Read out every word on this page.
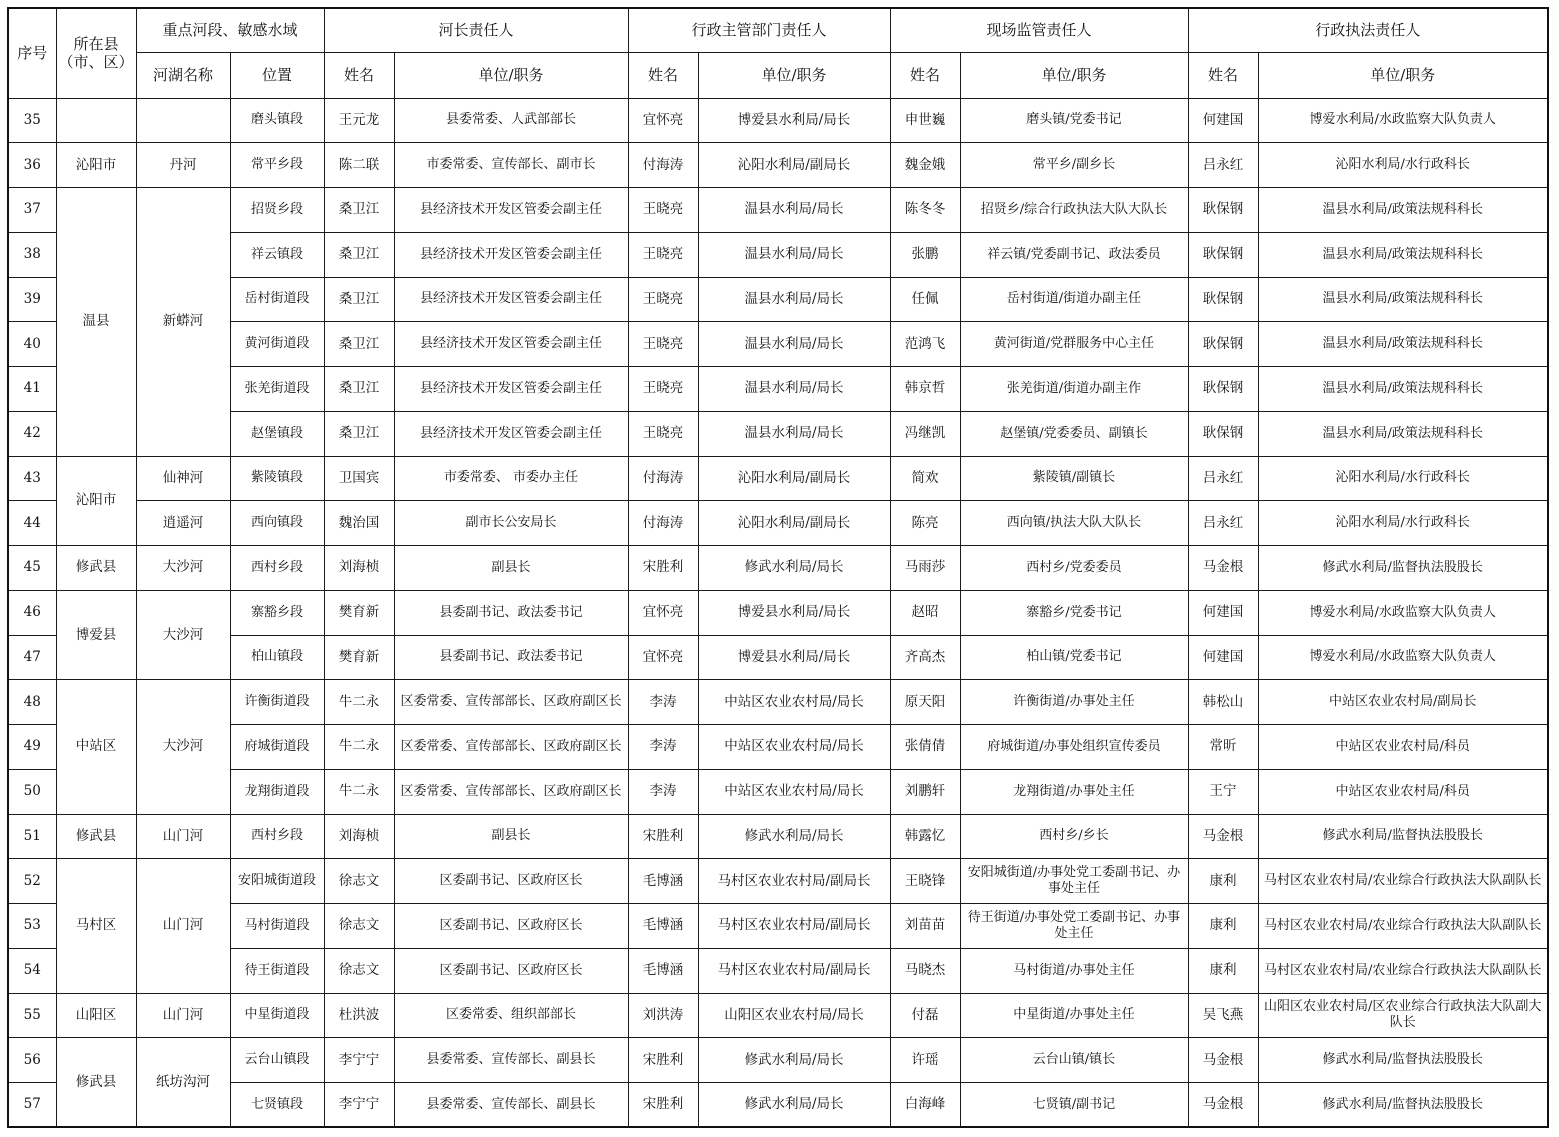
序号	所在县（市、区）	重点河段、敏感水域		河长责任人		行政主管部门责任人		现场监管责任人		行政执法责任人	
		河湖名称	位置	姓名	单位/职务	姓名	单位/职务	姓名	单位/职务	姓名	单位/职务
35			磨头镇段	王元龙	县委常委、人武部部长	宜怀亮	博爱县水利局/局长	申世巍	磨头镇/党委书记	何建国	博爱水利局/水政监察大队负责人
36	沁阳市	丹河	常平乡段	陈二联	市委常委、宣传部长、副市长	付海涛	沁阳水利局/副局长	魏金娥	常平乡/副乡长	吕永红	沁阳水利局/水行政科长
37	温县	新蟒河	招贤乡段	桑卫江	县经济技术开发区管委会副主任	王晓亮	温县水利局/局长	陈冬冬	招贤乡/综合行政执法大队大队长	耿保钢	温县水利局/政策法规科科长
38			祥云镇段	桑卫江	县经济技术开发区管委会副主任	王晓亮	温县水利局/局长	张鹏	祥云镇/党委副书记、政法委员	耿保钢	温县水利局/政策法规科科长
39			岳村街道段	桑卫江	县经济技术开发区管委会副主任	王晓亮	温县水利局/局长	任佩	岳村街道/街道办副主任	耿保钢	温县水利局/政策法规科科长
40			黄河街道段	桑卫江	县经济技术开发区管委会副主任	王晓亮	温县水利局/局长	范鸿飞	黄河街道/党群服务中心主任	耿保钢	温县水利局/政策法规科科长
41			张羌街道段	桑卫江	县经济技术开发区管委会副主任	王晓亮	温县水利局/局长	韩京哲	张羌街道/街道办副主作	耿保钢	温县水利局/政策法规科科长
42			赵堡镇段	桑卫江	县经济技术开发区管委会副主任	王晓亮	温县水利局/局长	冯继凯	赵堡镇/党委委员、副镇长	耿保钢	温县水利局/政策法规科科长
43	沁阳市	仙神河	紫陵镇段	卫国宾	市委常委、 市委办主任	付海涛	沁阳水利局/副局长	简欢	紫陵镇/副镇长	吕永红	沁阳水利局/水行政科长
44		逍遥河	西向镇段	魏治国	副市长公安局长	付海涛	沁阳水利局/副局长	陈亮	西向镇/执法大队大队长	吕永红	沁阳水利局/水行政科长
45	修武县	大沙河	西村乡段	刘海桢	副县长	宋胜利	修武水利局/局长	马雨莎	西村乡/党委委员	马金根	修武水利局/监督执法股股长
46	博爱县	大沙河	寨豁乡段	樊育新	县委副书记、政法委书记	宜怀亮	博爱县水利局/局长	赵昭	寨豁乡/党委书记	何建国	博爱水利局/水政监察大队负责人
47			柏山镇段	樊育新	县委副书记、政法委书记	宜怀亮	博爱县水利局/局长	齐高杰	柏山镇/党委书记	何建国	博爱水利局/水政监察大队负责人
48	中站区	大沙河	许衡街道段	牛二永	区委常委、宣传部部长、区政府副区长	李涛	中站区农业农村局/局长	原天阳	许衡街道/办事处主任	韩松山	中站区农业农村局/副局长
49			府城街道段	牛二永	区委常委、宣传部部长、区政府副区长	李涛	中站区农业农村局/局长	张倩倩	府城街道/办事处组织宣传委员	常昕	中站区农业农村局/科员
50			龙翔街道段	牛二永	区委常委、宣传部部长、区政府副区长	李涛	中站区农业农村局/局长	刘鹏轩	龙翔街道/办事处主任	王宁	中站区农业农村局/科员
51	修武县	山门河	西村乡段	刘海桢	副县长	宋胜利	修武水利局/局长	韩露忆	西村乡/乡长	马金根	修武水利局/监督执法股股长
52	马村区	山门河	安阳城街道段	徐志文	区委副书记、区政府区长	毛博涵	马村区农业农村局/副局长	王晓锋	安阳城街道/办事处党工委副书记、办事处主任	康利	马村区农业农村局/农业综合行政执法大队副队长
53			马村街道段	徐志文	区委副书记、区政府区长	毛博涵	马村区农业农村局/副局长	刘苗苗	待王街道/办事处党工委副书记、办事处主任	康利	马村区农业农村局/农业综合行政执法大队副队长
54			待王街道段	徐志文	区委副书记、区政府区长	毛博涵	马村区农业农村局/副局长	马晓杰	马村街道/办事处主任	康利	马村区农业农村局/农业综合行政执法大队副队长
55	山阳区	山门河	中星街道段	杜洪波	区委常委、组织部部长	刘洪涛	山阳区农业农村局/局长	付磊	中星街道/办事处主任	吴飞燕	山阳区农业农村局/区农业综合行政执法大队副大队长
56	修武县	纸坊沟河	云台山镇段	李宁宁	县委常委、宣传部长、副县长	宋胜利	修武水利局/局长	许瑶	云台山镇/镇长	马金根	修武水利局/监督执法股股长
57			七贤镇段	李宁宁	县委常委、宣传部长、副县长	宋胜利	修武水利局/局长	白海峰	七贤镇/副书记	马金根	修武水利局/监督执法股股长
